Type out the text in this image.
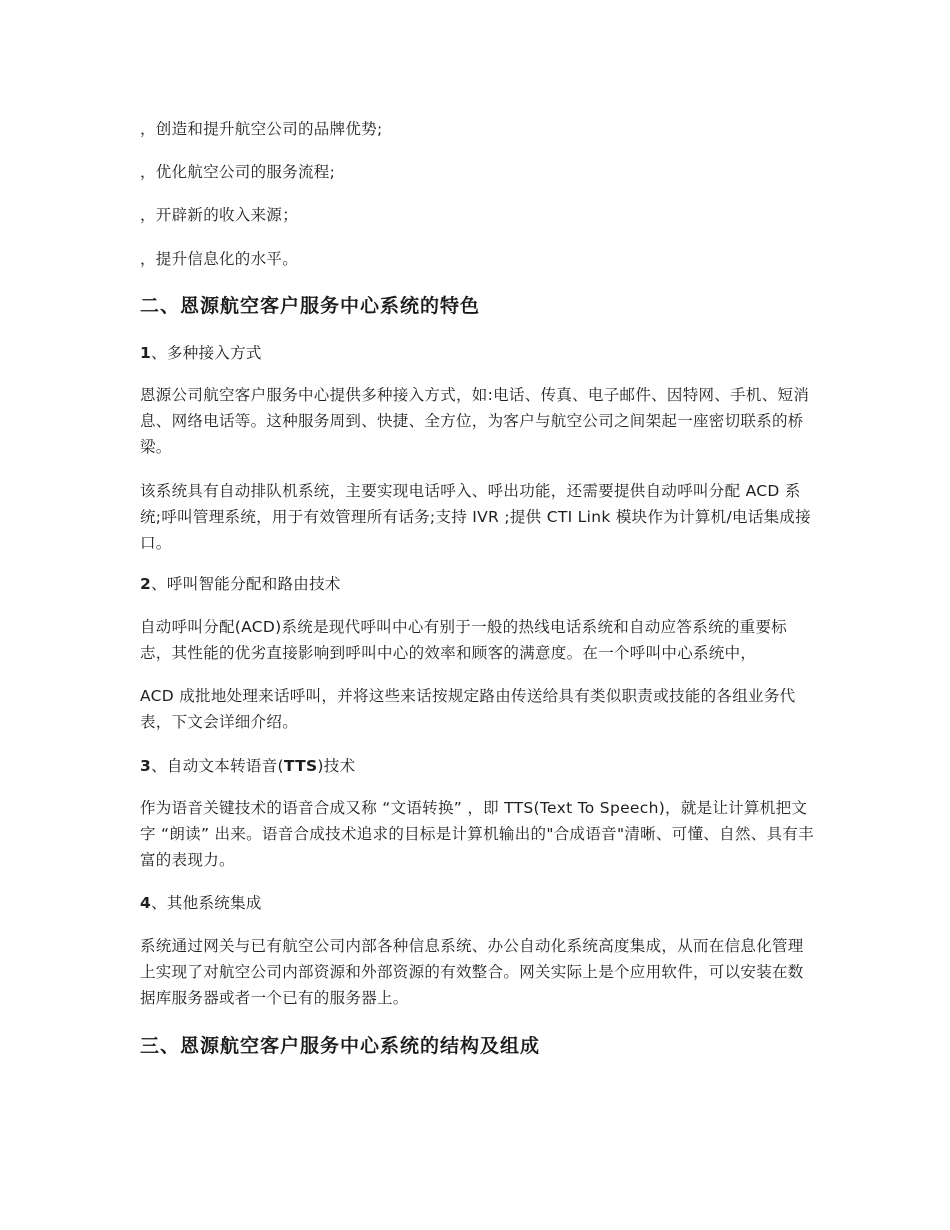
，创造和提升航空公司的品牌优势;

，优化航空公司的服务流程;

，开辟新的收入来源；

，提升信息化的水平。

二、恩源航空客户服务中心系统的特色
1、多种接入方式

恩源公司航空客户服务中心提供多种接入方式，如:电话、传真、电子邮件、因特网、手机、短消息、网络电话等。这种服务周到、快捷、全方位，为客户与航空公司之间架起一座密切联系的桥梁。

该系统具有自动排队机系统，主要实现电话呼入、呼出功能，还需要提供自动呼叫分配 ACD 系统;呼叫管理系统，用于有效管理所有话务;支持 IVR ;提供 CTI Link 模块作为计算机/电话集成接口。

2、呼叫智能分配和路由技术

自动呼叫分配(ACD)系统是现代呼叫中心有别于一般的热线电话系统和自动应答系统的重要标志，其性能的优劣直接影响到呼叫中心的效率和顾客的满意度。在一个呼叫中心系统中，

ACD 成批地处理来话呼叫，并将这些来话按规定路由传送给具有类似职责或技能的各组业务代表，下文会详细介绍。

3、自动文本转语音(TTS)技术

作为语音关键技术的语音合成又称 “文语转换” ，即 TTS(Text To Speech)，就是让计算机把文字 “朗读” 出来。语音合成技术追求的目标是计算机输出的"合成语音"清晰、可懂、自然、具有丰富的表现力。

4、其他系统集成

系统通过网关与已有航空公司内部各种信息系统、办公自动化系统高度集成，从而在信息化管理上实现了对航空公司内部资源和外部资源的有效整合。网关实际上是个应用软件，可以安装在数据库服务器或者一个已有的服务器上。

三、恩源航空客户服务中心系统的结构及组成
